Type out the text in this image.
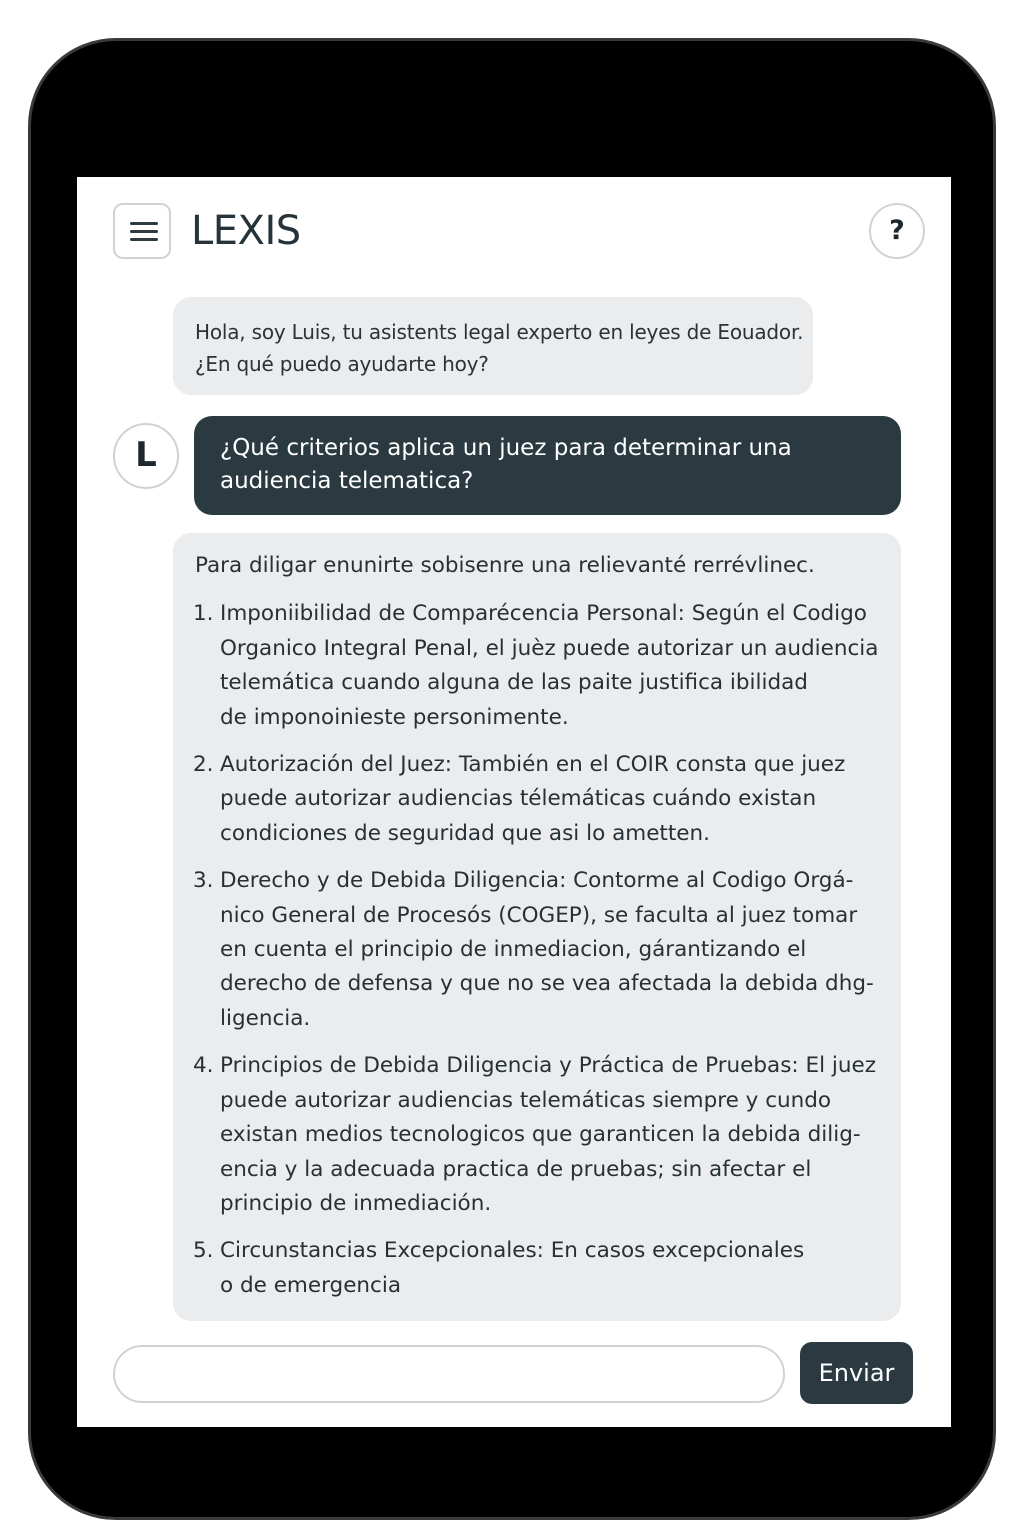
LEXIS	?
Hola, soy Luis, tu asistents legal experto en leyes de Eouador.
¿En qué puedo ayudarte hoy?
L	¿Qué criterios aplica un juez para determinar una
audiencia telematica?
Para diligar enunirte sobisenre una relievanté rerrévlinec.
1. Imponiibilidad de Comparécencia Personal: Según el Codigo
Organico Integral Penal, el juèz puede autorizar un audiencia
telemática cuando alguna de las paite justifica ibilidad
de imponoinieste personimente.
2. Autorización del Juez: También en el COIR consta que juez
puede autorizar audiencias télemáticas cuándo existan
condiciones de seguridad que asi lo ametten.
3. Derecho y de Debida Diligencia: Contorme al Codigo Orgá-
nico General de Procesós (COGEP), se faculta al juez tomar
en cuenta el principio de inmediacion, gárantizando el
derecho de defensa y que no se vea afectada la debida dhg-
ligencia.
4. Principios de Debida Diligencia y Práctica de Pruebas: El juez
puede autorizar audiencias telemáticas siempre y cundo
existan medios tecnologicos que garanticen la debida dilig-
encia y la adecuada practica de pruebas; sin afectar el
principio de inmediación.
5. Circunstancias Excepcionales: En casos excepcionales
o de emergencia
Enviar
